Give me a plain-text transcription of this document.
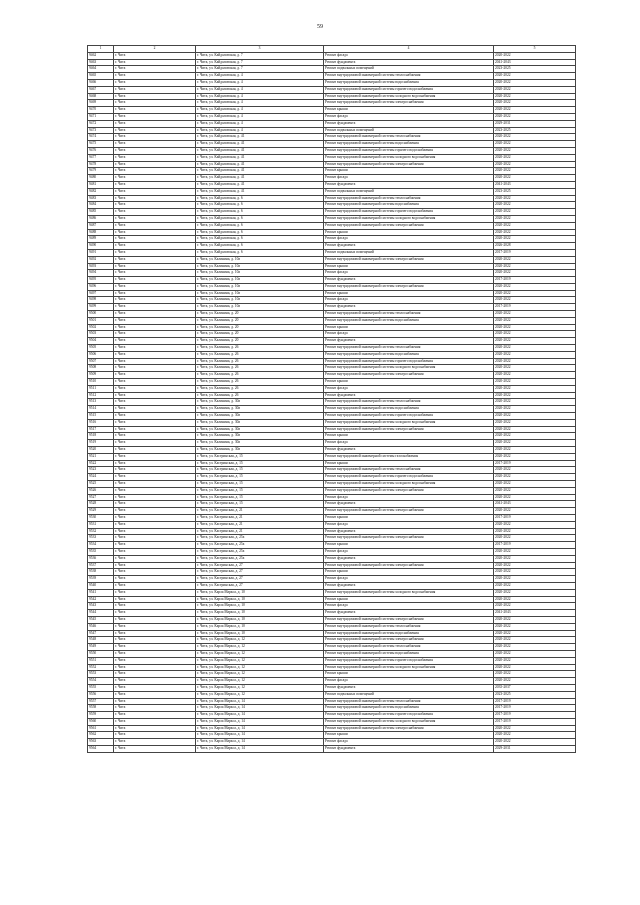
59
1	2	3	4	5
9462	г. Чита	г. Чита, ул. Кайдаловская, д. 7	Ремонт фасада	2020-2022
9463	г. Чита	г. Чита, ул. Кайдаловская, д. 7	Ремонт фундамента	2041-2043
9464	г. Чита	г. Чита, ул. Кайдаловская, д. 7	Ремонт подвальных помещений	2023-2025
9465	г. Чита	г. Чита, ул. Кайдаловская, д. 4	Ремонт внутридомовой инженерной системы теплоснабжения	2020-2022
9466	г. Чита	г. Чита, ул. Кайдаловская, д. 4	Ремонт внутридомовой инженерной системы водоснабжения	2020-2022
9467	г. Чита	г. Чита, ул. Кайдаловская, д. 4	Ремонт внутридомовой инженерной системы горячего водоснабжения	2020-2022
9468	г. Чита	г. Чита, ул. Кайдаловская, д. 4	Ремонт внутридомовой инженерной системы холодного водоснабжения	2020-2022
9469	г. Чита	г. Чита, ул. Кайдаловская, д. 4	Ремонт внутридомовой инженерной системы электроснабжения	2020-2022
9470	г. Чита	г. Чита, ул. Кайдаловская, д. 4	Ремонт крыши	2020-2022
9471	г. Чита	г. Чита, ул. Кайдаловская, д. 4	Ремонт фасада	2020-2022
9472	г. Чита	г. Чита, ул. Кайдаловская, д. 4	Ремонт фундамента	2029-2031
9473	г. Чита	г. Чита, ул. Кайдаловская, д. 4	Ремонт подвальных помещений	2023-2025
9474	г. Чита	г. Чита, ул. Кайдаловская, д. 41	Ремонт внутридомовой инженерной системы теплоснабжения	2020-2022
9475	г. Чита	г. Чита, ул. Кайдаловская, д. 41	Ремонт внутридомовой инженерной системы водоснабжения	2020-2022
9476	г. Чита	г. Чита, ул. Кайдаловская, д. 41	Ремонт внутридомовой инженерной системы горячего водоснабжения	2020-2022
9477	г. Чита	г. Чита, ул. Кайдаловская, д. 41	Ремонт внутридомовой инженерной системы холодного водоснабжения	2020-2022
9478	г. Чита	г. Чита, ул. Кайдаловская, д. 41	Ремонт внутридомовой инженерной системы электроснабжения	2020-2022
9479	г. Чита	г. Чита, ул. Кайдаловская, д. 41	Ремонт крыши	2020-2022
9480	г. Чита	г. Чита, ул. Кайдаловская, д. 41	Ремонт фасада	2020-2022
9481	г. Чита	г. Чита, ул. Кайдаловская, д. 41	Ремонт фундамента	2041-2043
9482	г. Чита	г. Чита, ул. Кайдаловская, д. 41	Ремонт подвальных помещений	2023-2025
9483	г. Чита	г. Чита, ул. Кайдаловская, д. 6	Ремонт внутридомовой инженерной системы теплоснабжения	2020-2022
9484	г. Чита	г. Чита, ул. Кайдаловская, д. 6	Ремонт внутридомовой инженерной системы водоснабжения	2020-2022
9485	г. Чита	г. Чита, ул. Кайдаловская, д. 6	Ремонт внутридомовой инженерной системы горячего водоснабжения	2020-2022
9486	г. Чита	г. Чита, ул. Кайдаловская, д. 6	Ремонт внутридомовой инженерной системы холодного водоснабжения	2020-2022
9487	г. Чита	г. Чита, ул. Кайдаловская, д. 6	Ремонт внутридомовой инженерной системы электроснабжения	2020-2022
9488	г. Чита	г. Чита, ул. Кайдаловская, д. 6	Ремонт крыши	2020-2022
9489	г. Чита	г. Чита, ул. Кайдаловская, д. 6	Ремонт фасада	2020-2022
9490	г. Чита	г. Чита, ул. Кайдаловская, д. 6	Ремонт фундамента	2026-2028
9491	г. Чита	г. Чита, ул. Кайдаловская, д. 6	Ремонт подвальных помещений	2017-2019
9492	г. Чита	г. Чита, ул. Калинина, д. 10а	Ремонт внутридомовой инженерной системы электроснабжения	2020-2022
9493	г. Чита	г. Чита, ул. Калинина, д. 10а	Ремонт крыши	2020-2022
9494	г. Чита	г. Чита, ул. Калинина, д. 10а	Ремонт фасада	2020-2022
9495	г. Чита	г. Чита, ул. Калинина, д. 10а	Ремонт фундамента	2017-2019
9496	г. Чита	г. Чита, ул. Калинина, д. 10а	Ремонт внутридомовой инженерной системы электроснабжения	2020-2022
9497	г. Чита	г. Чита, ул. Калинина, д. 10а	Ремонт крыши	2020-2022
9498	г. Чита	г. Чита, ул. Калинина, д. 10а	Ремонт фасада	2020-2022
9499	г. Чита	г. Чита, ул. Калинина, д. 10а	Ремонт фундамента	2017-2019
9500	г. Чита	г. Чита, ул. Калинина, д. 20	Ремонт внутридомовой инженерной системы теплоснабжения	2020-2022
9501	г. Чита	г. Чита, ул. Калинина, д. 20	Ремонт внутридомовой инженерной системы водоснабжения	2020-2022
9502	г. Чита	г. Чита, ул. Калинина, д. 20	Ремонт крыши	2020-2022
9503	г. Чита	г. Чита, ул. Калинина, д. 20	Ремонт фасада	2020-2022
9504	г. Чита	г. Чита, ул. Калинина, д. 20	Ремонт фундамента	2020-2022
9505	г. Чита	г. Чита, ул. Калинина, д. 26	Ремонт внутридомовой инженерной системы теплоснабжения	2020-2022
9506	г. Чита	г. Чита, ул. Калинина, д. 26	Ремонт внутридомовой инженерной системы водоснабжения	2020-2022
9507	г. Чита	г. Чита, ул. Калинина, д. 26	Ремонт внутридомовой инженерной системы горячего водоснабжения	2020-2022
9508	г. Чита	г. Чита, ул. Калинина, д. 26	Ремонт внутридомовой инженерной системы холодного водоснабжения	2020-2022
9509	г. Чита	г. Чита, ул. Калинина, д. 26	Ремонт внутридомовой инженерной системы электроснабжения	2020-2022
9510	г. Чита	г. Чита, ул. Калинина, д. 26	Ремонт крыши	2020-2022
9511	г. Чита	г. Чита, ул. Калинина, д. 26	Ремонт фасада	2020-2022
9512	г. Чита	г. Чита, ул. Калинина, д. 26	Ремонт фундамента	2020-2022
9513	г. Чита	г. Чита, ул. Калинина, д. 30а	Ремонт внутридомовой инженерной системы теплоснабжения	2020-2022
9514	г. Чита	г. Чита, ул. Калинина, д. 30а	Ремонт внутридомовой инженерной системы водоснабжения	2020-2022
9515	г. Чита	г. Чита, ул. Калинина, д. 30а	Ремонт внутридомовой инженерной системы горячего водоснабжения	2020-2022
9516	г. Чита	г. Чита, ул. Калинина, д. 30а	Ремонт внутридомовой инженерной системы холодного водоснабжения	2020-2022
9517	г. Чита	г. Чита, ул. Калинина, д. 30а	Ремонт внутридомовой инженерной системы электроснабжения	2020-2022
9518	г. Чита	г. Чита, ул. Калинина, д. 30а	Ремонт крыши	2020-2022
9519	г. Чита	г. Чита, ул. Калинина, д. 30а	Ремонт фасада	2020-2022
9520	г. Чита	г. Чита, ул. Калинина, д. 30а	Ремонт фундамента	2020-2022
9521	г. Чита	г. Чита, ул. Кастринская, д. 15	Ремонт внутридомовой инженерной системы газоснабжения	2020-2022
9522	г. Чита	г. Чита, ул. Кастринская, д. 15	Ремонт крыши	2017-2019
9523	г. Чита	г. Чита, ул. Кастринская, д. 15	Ремонт внутридомовой инженерной системы теплоснабжения	2020-2022
9524	г. Чита	г. Чита, ул. Кастринская, д. 15	Ремонт внутридомовой инженерной системы горячего водоснабжения	2020-2022
9525	г. Чита	г. Чита, ул. Кастринская, д. 15	Ремонт внутридомовой инженерной системы холодного водоснабжения	2020-2022
9526	г. Чита	г. Чита, ул. Кастринская, д. 15	Ремонт внутридомовой инженерной системы электроснабжения	2020-2022
9527	г. Чита	г. Чита, ул. Кастринская, д. 15	Ремонт фасада	2020-2022
9528	г. Чита	г. Чита, ул. Кастринская, д. 15	Ремонт фундамента	2041-2043
9529	г. Чита	г. Чита, ул. Кастринская, д. 21	Ремонт внутридомовой инженерной системы электроснабжения	2020-2022
9530	г. Чита	г. Чита, ул. Кастринская, д. 21	Ремонт крыши	2017-2019
9531	г. Чита	г. Чита, ул. Кастринская, д. 21	Ремонт фасада	2020-2022
9532	г. Чита	г. Чита, ул. Кастринская, д. 21	Ремонт фундамента	2020-2022
9533	г. Чита	г. Чита, ул. Кастринская, д. 25а	Ремонт внутридомовой инженерной системы электроснабжения	2020-2022
9534	г. Чита	г. Чита, ул. Кастринская, д. 25а	Ремонт крыши	2017-2019
9535	г. Чита	г. Чита, ул. Кастринская, д. 25а	Ремонт фасада	2020-2022
9536	г. Чита	г. Чита, ул. Кастринская, д. 25а	Ремонт фундамента	2020-2022
9537	г. Чита	г. Чита, ул. Кастринская, д. 27	Ремонт внутридомовой инженерной системы электроснабжения	2020-2022
9538	г. Чита	г. Чита, ул. Кастринская, д. 27	Ремонт крыши	2020-2022
9539	г. Чита	г. Чита, ул. Кастринская, д. 27	Ремонт фасада	2020-2022
9540	г. Чита	г. Чита, ул. Кастринская, д. 27	Ремонт фундамента	2020-2022
9541	г. Чита	г. Чита, ул. Карла Маркса, д. 10	Ремонт внутридомовой инженерной системы холодного водоснабжения	2020-2022
9542	г. Чита	г. Чита, ул. Карла Маркса, д. 10	Ремонт крыши	2020-2022
9543	г. Чита	г. Чита, ул. Карла Маркса, д. 10	Ремонт фасада	2020-2022
9544	г. Чита	г. Чита, ул. Карла Маркса, д. 10	Ремонт фундамента	2041-2043
9545	г. Чита	г. Чита, ул. Карла Маркса, д. 10	Ремонт внутридомовой инженерной системы электроснабжения	2020-2022
9546	г. Чита	г. Чита, ул. Карла Маркса, д. 10	Ремонт внутридомовой инженерной системы теплоснабжения	2020-2022
9547	г. Чита	г. Чита, ул. Карла Маркса, д. 10	Ремонт внутридомовой инженерной системы водоснабжения	2020-2022
9548	г. Чита	г. Чита, ул. Карла Маркса, д. 12	Ремонт внутридомовой инженерной системы электроснабжения	2020-2022
9549	г. Чита	г. Чита, ул. Карла Маркса, д. 12	Ремонт внутридомовой инженерной системы теплоснабжения	2020-2022
9550	г. Чита	г. Чита, ул. Карла Маркса, д. 12	Ремонт внутридомовой инженерной системы водоснабжения	2020-2022
9551	г. Чита	г. Чита, ул. Карла Маркса, д. 12	Ремонт внутридомовой инженерной системы горячего водоснабжения	2020-2022
9552	г. Чита	г. Чита, ул. Карла Маркса, д. 12	Ремонт внутридомовой инженерной системы холодного водоснабжения	2020-2022
9553	г. Чита	г. Чита, ул. Карла Маркса, д. 12	Ремонт крыши	2020-2022
9554	г. Чита	г. Чита, ул. Карла Маркса, д. 12	Ремонт фасада	2020-2022
9555	г. Чита	г. Чита, ул. Карла Маркса, д. 12	Ремонт фундамента	2035-2037
9556	г. Чита	г. Чита, ул. Карла Маркса, д. 12	Ремонт подвальных помещений	2023-2025
9557	г. Чита	г. Чита, ул. Карла Маркса, д. 14	Ремонт внутридомовой инженерной системы теплоснабжения	2017-2019
9558	г. Чита	г. Чита, ул. Карла Маркса, д. 14	Ремонт внутридомовой инженерной системы водоснабжения	2017-2019
9559	г. Чита	г. Чита, ул. Карла Маркса, д. 14	Ремонт внутридомовой инженерной системы горячего водоснабжения	2017-2019
9560	г. Чита	г. Чита, ул. Карла Маркса, д. 14	Ремонт внутридомовой инженерной системы холодного водоснабжения	2017-2019
9561	г. Чита	г. Чита, ул. Карла Маркса, д. 14	Ремонт внутридомовой инженерной системы электроснабжения	2020-2022
9562	г. Чита	г. Чита, ул. Карла Маркса, д. 14	Ремонт крыши	2020-2022
9563	г. Чита	г. Чита, ул. Карла Маркса, д. 14	Ремонт фасада	2020-2022
9564	г. Чита	г. Чита, ул. Карла Маркса, д. 14	Ремонт фундамента	2029-2031
